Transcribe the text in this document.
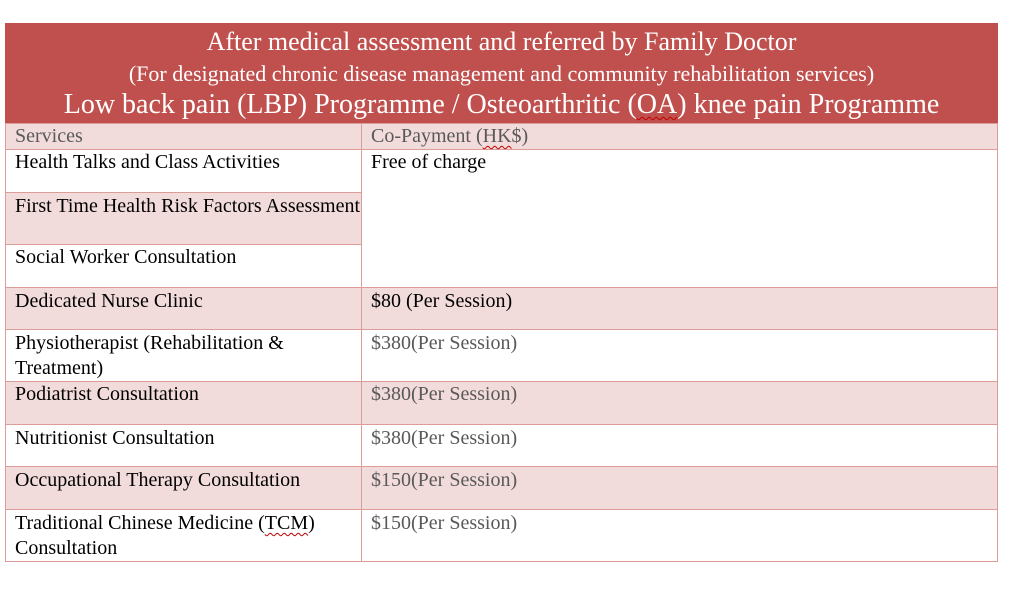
After medical assessment and referred by Family Doctor
(For designated chronic disease management and community rehabilitation services)
Low back pain (LBP) Programme / Osteoarthritic (OA) knee pain Programme
Services	Co-Payment (HK$)
Health Talks and Class Activities	Free of charge
First Time Health Risk Factors Assessment	
Social Worker Consultation	
Dedicated Nurse Clinic	$80 (Per Session)
Physiotherapist (Rehabilitation & Treatment)	$380(Per Session)
Podiatrist Consultation	$380(Per Session)
Nutritionist Consultation	$380(Per Session)
Occupational Therapy Consultation	$150(Per Session)
Traditional Chinese Medicine (TCM) Consultation	$150(Per Session)
